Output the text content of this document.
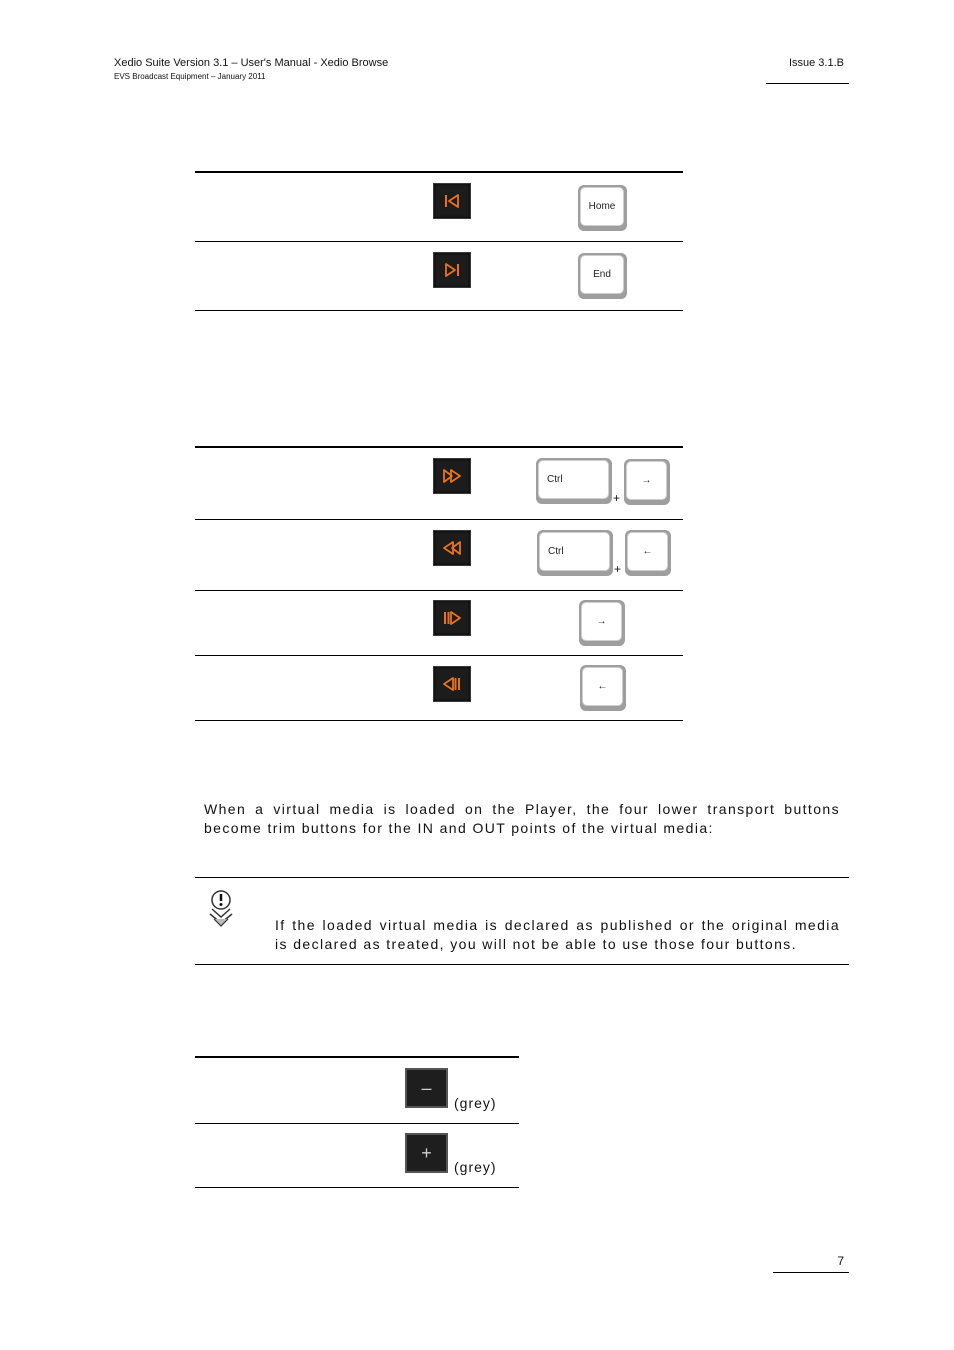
Xedio Suite Version 3.1 – User's Manual - Xedio Browse
EVS Broadcast Equipment – January 2011
Issue 3.1.B
Home
End
Ctrl
+
→
Ctrl
+
←
→
←
When a virtual media is loaded on the Player, the four lower transport buttons become trim buttons for the IN and OUT points of the virtual media:
If the loaded virtual media is declared as published or the original media is declared as treated, you will not be able to use those four buttons.
–
(grey)
+
(grey)
7
